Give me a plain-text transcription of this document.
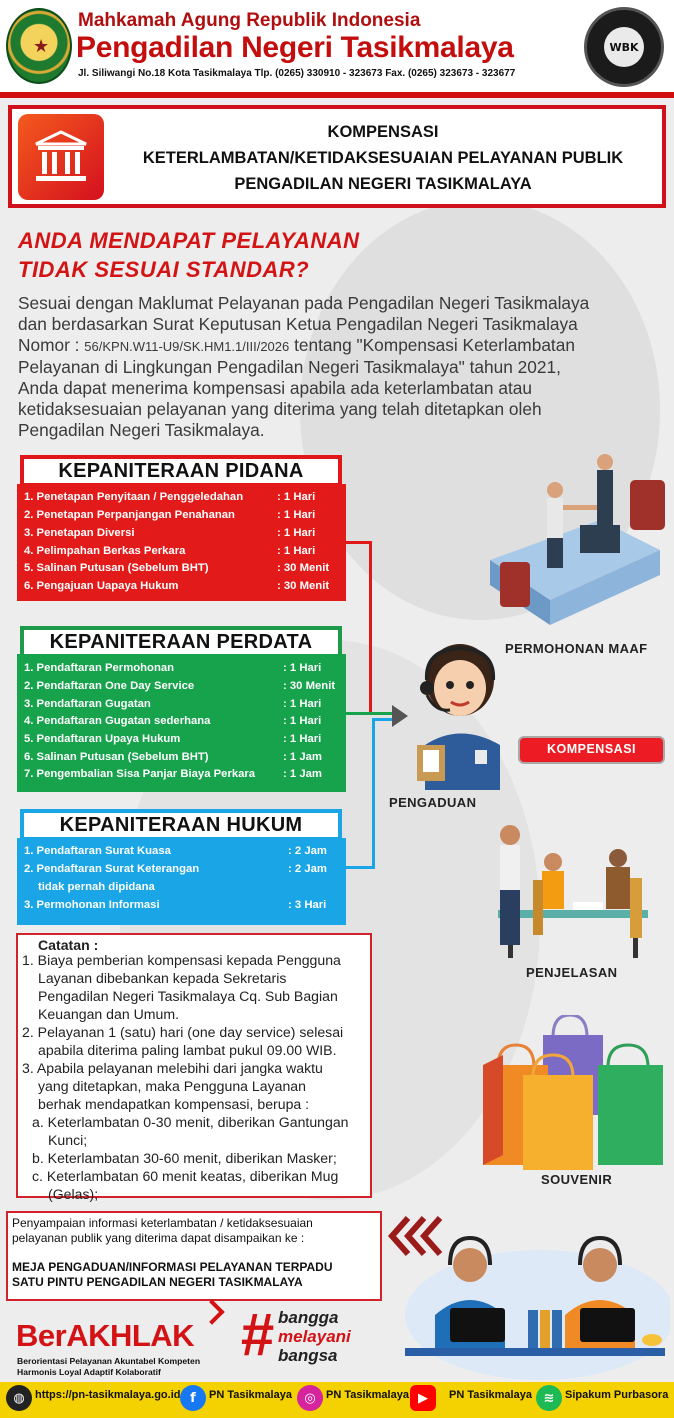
★
Mahkamah Agung Republik Indonesia
Pengadilan Negeri Tasikmalaya
Jl. Siliwangi No.18 Kota Tasikmalaya Tlp. (0265) 330910 - 323673 Fax. (0265) 323673 - 323677
WBK
KOMPENSASI
KETERLAMBATAN/KETIDAKSESUAIAN PELAYANAN PUBLIK
PENGADILAN NEGERI TASIKMALAYA
ANDA MENDAPAT PELAYANAN
TIDAK SESUAI STANDAR?
Sesuai dengan Maklumat Pelayanan pada Pengadilan Negeri Tasikmalaya
dan berdasarkan Surat Keputusan Ketua Pengadilan Negeri Tasikmalaya
Nomor : 56/KPN.W11-U9/SK.HM1.1/III/2026 tentang "Kompensasi Keterlambatan
Pelayanan di Lingkungan Pengadilan Negeri Tasikmalaya" tahun 2021,
Anda dapat menerima kompensasi apabila ada keterlambatan atau
ketidaksesuaian pelayanan yang diterima yang telah ditetapkan oleh
Pengadilan Negeri Tasikmalaya.
KEPANITERAAN PIDANA
1. Penetapan Penyitaan / Penggeledahan	: 1 Hari
2. Penetapan Perpanjangan Penahanan	: 1 Hari
3. Penetapan Diversi	: 1 Hari
4. Pelimpahan Berkas Perkara	: 1 Hari
5. Salinan Putusan (Sebelum BHT)	: 30 Menit
6. Pengajuan Uapaya Hukum	: 30 Menit
KEPANITERAAN PERDATA
1. Pendaftaran Permohonan	: 1 Hari
2. Pendaftaran One Day Service	: 30 Menit
3. Pendaftaran Gugatan	: 1 Hari
4. Pendaftaran Gugatan sederhana	: 1 Hari
5. Pendaftaran Upaya Hukum	: 1 Hari
6. Salinan Putusan (Sebelum BHT)	: 1 Jam
7. Pengembalian Sisa Panjar Biaya Perkara : 1 Jam
KEPANITERAAN HUKUM
1. Pendaftaran Surat Kuasa	: 2 Jam
2. Pendaftaran Surat Keterangan	: 2 Jam
tidak pernah dipidana
3. Permohonan Informasi	: 3 Hari
Catatan :
1. Biaya pemberian kompensasi kepada Pengguna
Layanan dibebankan kepada Sekretaris
Pengadilan Negeri Tasikmalaya Cq. Sub Bagian
Keuangan dan Umum.
2. Pelayanan 1 (satu) hari (one day service) selesai
apabila diterima paling lambat pukul 09.00 WIB.
3. Apabila pelayanan melebihi dari jangka waktu
yang ditetapkan, maka Pengguna Layanan
berhak mendapatkan kompensasi, berupa :
a. Keterlambatan 0-30 menit, diberikan Gantungan
Kunci;
b. Keterlambatan 30-60 menit, diberikan Masker;
c. Keterlambatan 60 menit keatas, diberikan Mug
(Gelas);
PERMOHONAN MAAF
KOMPENSASI
PENGADUAN
PENJELASAN
SOUVENIR
Penyampaian informasi keterlambatan / ketidaksesuaian
pelayanan publik yang diterima dapat disampaikan ke :
MEJA PENGADUAN/INFORMASI PELAYANAN TERPADU
SATU PINTU PENGADILAN NEGERI TASIKMALAYA
BerAKHLAK
Berorientasi Pelayanan Akuntabel Kompeten
Harmonis Loyal Adaptif Kolaboratif
# bangga
melayani
bangsa
◍ https://pn-tasikmalaya.go.id f	PN Tasikmalaya ◎ PN Tasikmalaya ▶	PN Tasikmalaya ≋ Sipakum Purbasora
